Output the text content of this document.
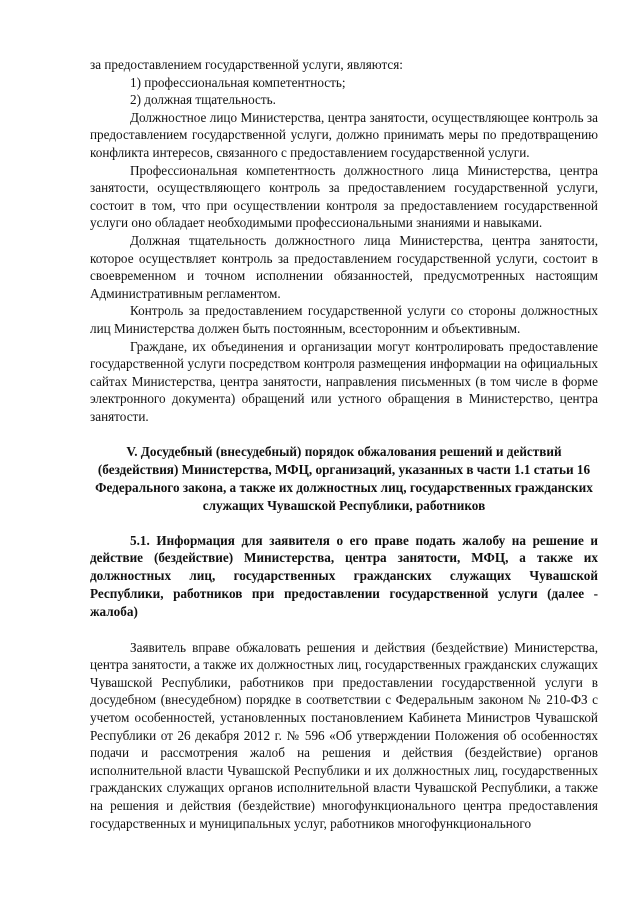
за предоставлением государственной услуги, являются:

1) профессиональная компетентность;

2) должная тщательность.

Должностное лицо Министерства, центра занятости, осуществляющее контроль за предоставлением государственной услуги, должно принимать меры по предотвращению конфликта интересов, связанного с предоставлением государственной услуги.

Профессиональная компетентность должностного лица Министерства, центра занятости, осуществляющего контроль за предоставлением государственной услуги, состоит в том, что при осуществлении контроля за предоставлением государственной услуги оно обладает необходимыми профессиональными знаниями и навыками.

Должная тщательность должностного лица Министерства, центра занятости, которое осуществляет контроль за предоставлением государственной услуги, состоит в своевременном и точном исполнении обязанностей, предусмотренных настоящим Административным регламентом.

Контроль за предоставлением государственной услуги со стороны должностных лиц Министерства должен быть постоянным, всесторонним и объективным.

Граждане, их объединения и организации могут контролировать предоставление государственной услуги посредством контроля размещения информации на официальных сайтах Министерства, центра занятости, направления письменных (в том числе в форме электронного документа) обращений или устного обращения в Министерство, центра занятости.

V. Досудебный (внесудебный) порядок обжалования решений и действий (бездействия) Министерства, МФЦ, организаций, указанных в части 1.1 статьи 16 Федерального закона, а также их должностных лиц, государственных гражданских служащих Чувашской Республики, работников

5.1. Информация для заявителя о его праве подать жалобу на решение и действие (бездействие) Министерства, центра занятости, МФЦ, а также их должностных лиц, государственных гражданских служащих Чувашской Республики, работников при предоставлении государственной услуги (далее - жалоба)

Заявитель вправе обжаловать решения и действия (бездействие) Министерства, центра занятости, а также их должностных лиц, государственных гражданских служащих Чувашской Республики, работников при предоставлении государственной услуги в досудебном (внесудебном) порядке в соответствии с Федеральным законом № 210-ФЗ с учетом особенностей, установленных постановлением Кабинета Министров Чувашской Республики от 26 декабря 2012 г. № 596 «Об утверждении Положения об особенностях подачи и рассмотрения жалоб на решения и действия (бездействие) органов исполнительной власти Чувашской Республики и их должностных лиц, государственных гражданских служащих органов исполнительной власти Чувашской Республики, а также на решения и действия (бездействие) многофункционального центра предоставления государственных и муниципальных услуг, работников многофункционального
